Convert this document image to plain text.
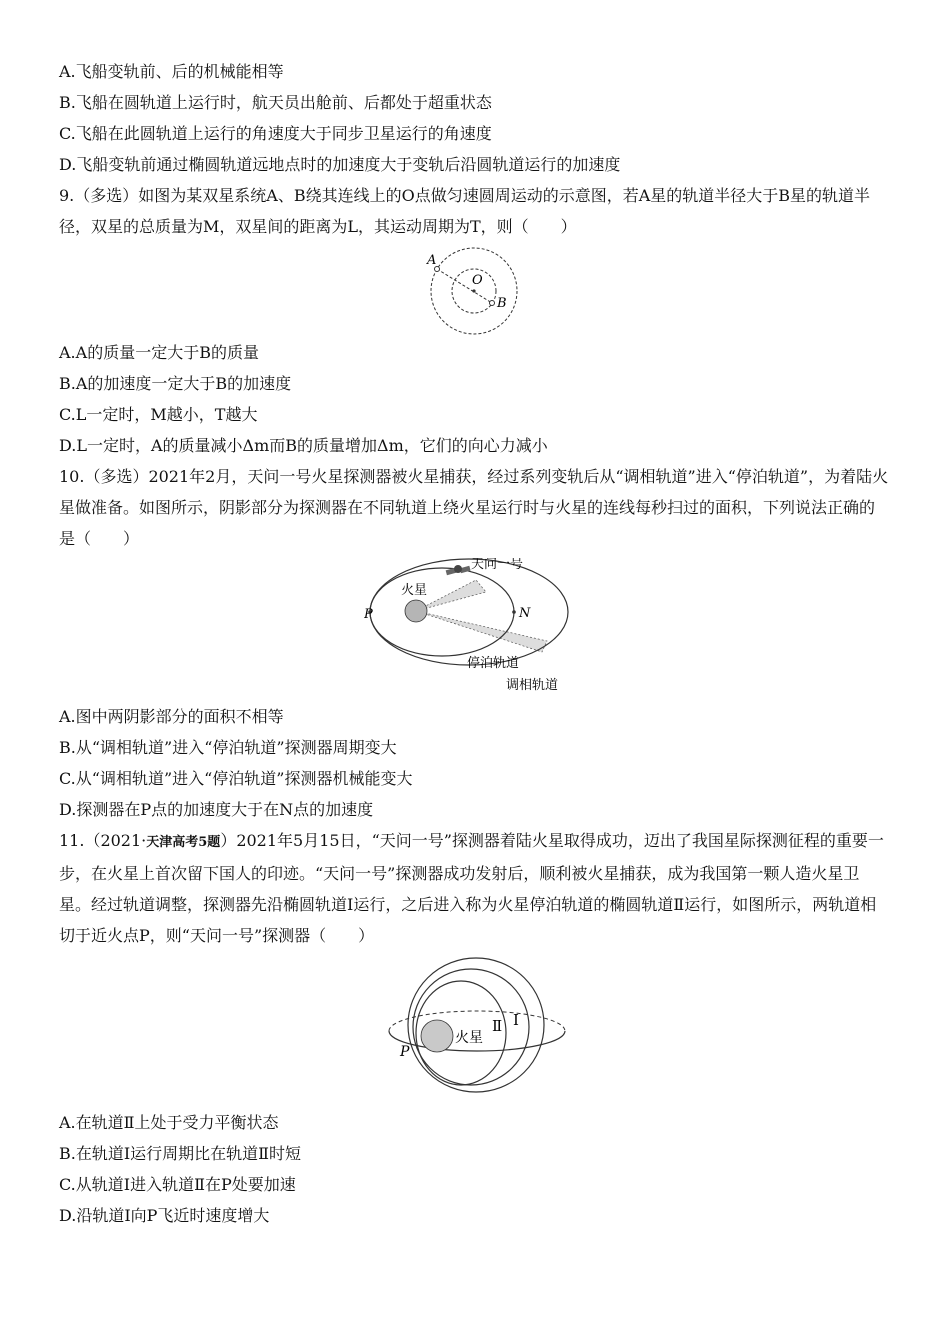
A.飞船变轨前、后的机械能相等
B.飞船在圆轨道上运行时，航天员出舱前、后都处于超重状态
C.飞船在此圆轨道上运行的角速度大于同步卫星运行的角速度
D.飞船变轨前通过椭圆轨道远地点时的加速度大于变轨后沿圆轨道运行的加速度
9.（多选）如图为某双星系统A、B绕其连线上的O点做匀速圆周运动的示意图，若A星的轨道半径大于B星的轨道半径，双星的总质量为M，双星间的距离为L，其运动周期为T，则（　　）
A
O
B
A.A的质量一定大于B的质量
B.A的加速度一定大于B的加速度
C.L一定时，M越小，T越大
D.L一定时，A的质量减小Δm而B的质量增加Δm，它们的向心力减小
10.（多选）2021年2月，天问一号火星探测器被火星捕获，经过系列变轨后从“调相轨道”进入“停泊轨道”，为着陆火星做准备。如图所示，阴影部分为探测器在不同轨道上绕火星运行时与火星的连线每秒扫过的面积，下列说法正确的是（　　）
天问一号
火星
P	N
停泊轨道
调相轨道
A.图中两阴影部分的面积不相等
B.从“调相轨道”进入“停泊轨道”探测器周期变大
C.从“调相轨道”进入“停泊轨道”探测器机械能变大
D.探测器在P点的加速度大于在N点的加速度
11.（2021·天津高考5题）2021年5月15日，“天问一号”探测器着陆火星取得成功，迈出了我国星际探测征程的重要一步，在火星上首次留下国人的印迹。“天问一号”探测器成功发射后，顺利被火星捕获，成为我国第一颗人造火星卫星。经过轨道调整，探测器先沿椭圆轨道Ⅰ运行，之后进入称为火星停泊轨道的椭圆轨道Ⅱ运行，如图所示，两轨道相切于近火点P，则“天问一号”探测器（　　）
火星
Ⅱ Ⅰ
P
A.在轨道Ⅱ上处于受力平衡状态
B.在轨道Ⅰ运行周期比在轨道Ⅱ时短
C.从轨道Ⅰ进入轨道Ⅱ在P处要加速
D.沿轨道Ⅰ向P飞近时速度增大
